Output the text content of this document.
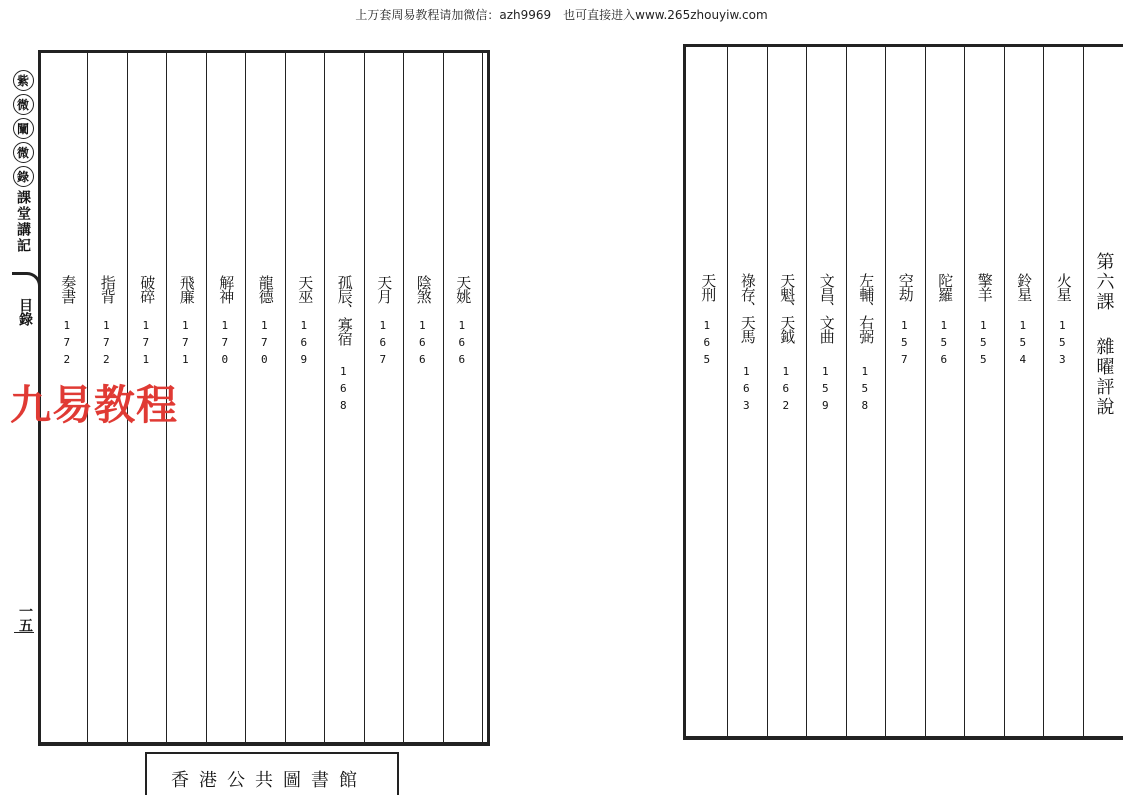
上万套周易教程请加微信：azh9969　也可直接进入www.265zhouyiw.com
紫
微
闡
微
錄
課堂講記
目錄
一五
奏書
172
指背
172
破碎
171
飛廉
171
解神
170
龍德
170
天巫
169 孤辰、寡宿
168
天月
167
陰煞
166
天姚
166
天刑
165
祿存、天馬
163
天魁、天鉞
162
文昌、文曲
159
左輔、右弼
158
空劫
157
陀羅
156
擎羊
155
鈴星
154
火星
153
第六課
雜曜評說
九易教程
香港公共圖書館
